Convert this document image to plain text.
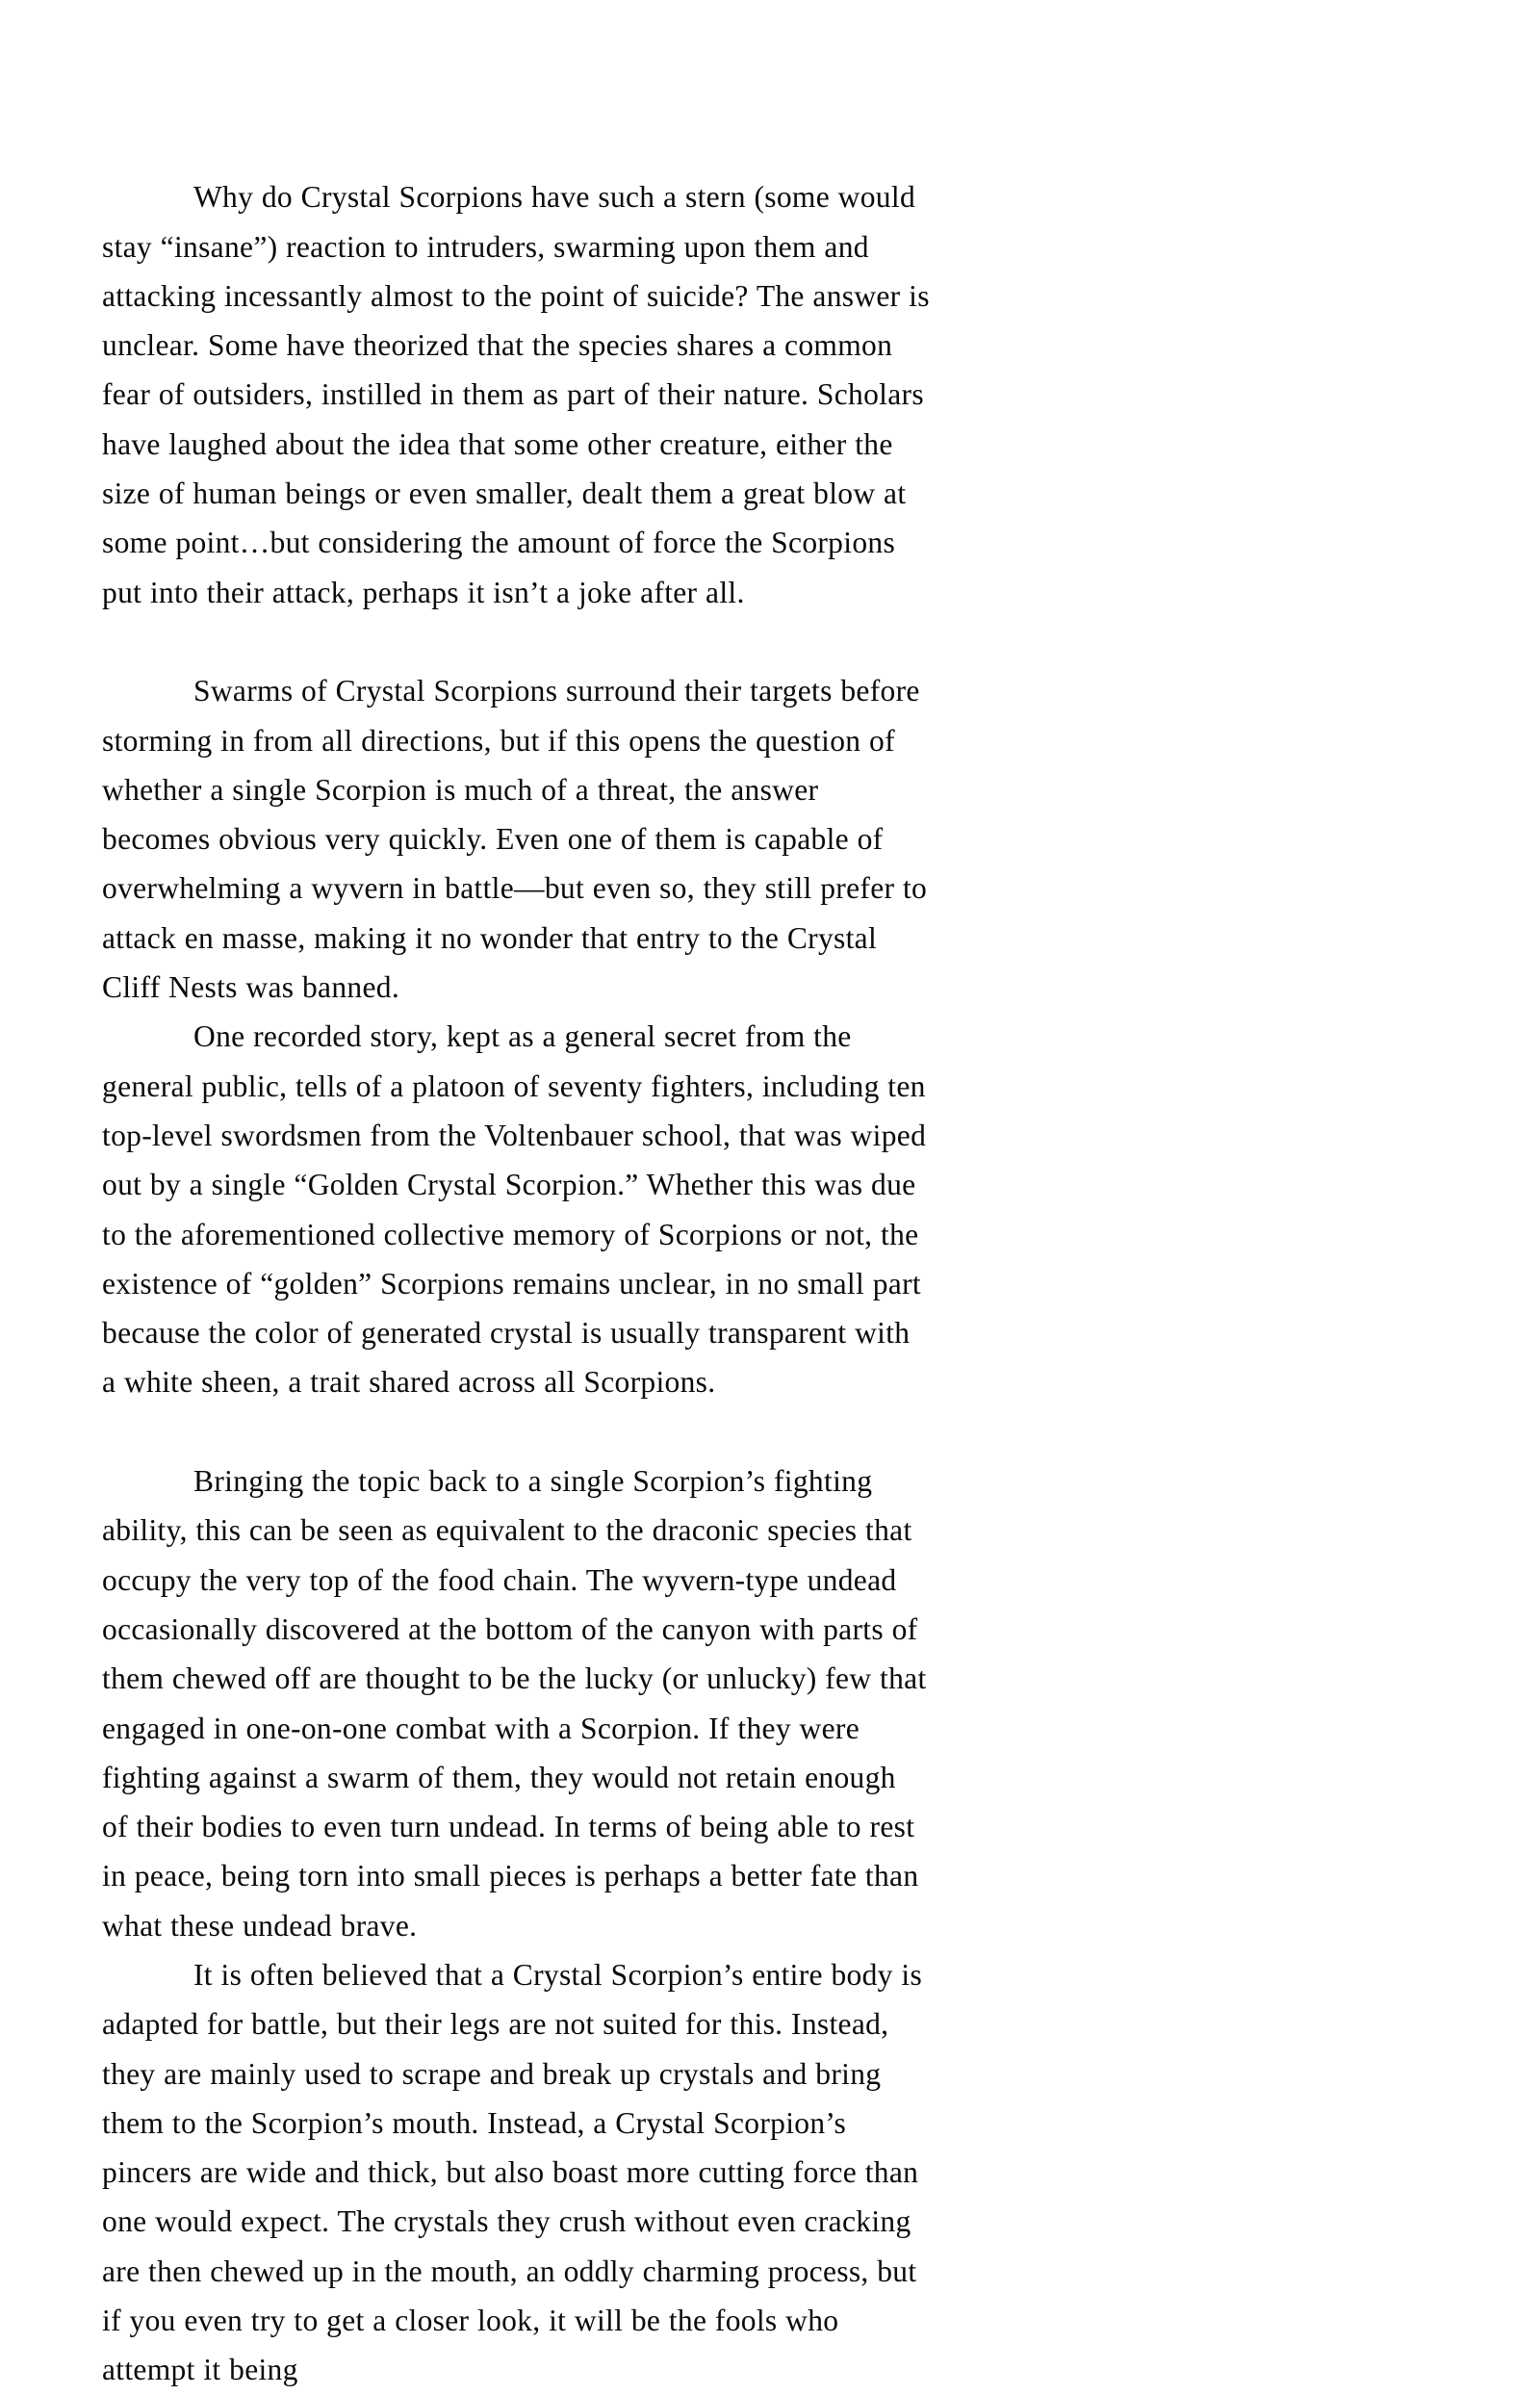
Why do Crystal Scorpions have such a stern (some would stay “insane”) reaction to intruders, swarming upon them and attacking incessantly almost to the point of suicide? The answer is unclear. Some have theorized that the species shares a common fear of outsiders, instilled in them as part of their nature. Scholars have laughed about the idea that some other creature, either the size of human beings or even smaller, dealt them a great blow at some point…but considering the amount of force the Scorpions put into their attack, perhaps it isn’t a joke after all.

Swarms of Crystal Scorpions surround their targets before storming in from all directions, but if this opens the question of whether a single Scorpion is much of a threat, the answer becomes obvious very quickly. Even one of them is capable of overwhelming a wyvern in battle—but even so, they still prefer to attack en masse, making it no wonder that entry to the Crystal Cliff Nests was banned.

One recorded story, kept as a general secret from the general public, tells of a platoon of seventy fighters, including ten top-level swordsmen from the Voltenbauer school, that was wiped out by a single “Golden Crystal Scorpion.” Whether this was due to the aforementioned collective memory of Scorpions or not, the existence of “golden” Scorpions remains unclear, in no small part because the color of generated crystal is usually transparent with a white sheen, a trait shared across all Scorpions.

Bringing the topic back to a single Scorpion’s fighting ability, this can be seen as equivalent to the draconic species that occupy the very top of the food chain. The wyvern-type undead occasionally discovered at the bottom of the canyon with parts of them chewed off are thought to be the lucky (or unlucky) few that engaged in one-on-one combat with a Scorpion. If they were fighting against a swarm of them, they would not retain enough of their bodies to even turn undead. In terms of being able to rest in peace, being torn into small pieces is perhaps a better fate than what these undead brave.

It is often believed that a Crystal Scorpion’s entire body is adapted for battle, but their legs are not suited for this. Instead, they are mainly used to scrape and break up crystals and bring them to the Scorpion’s mouth. Instead, a Crystal Scorpion’s pincers are wide and thick, but also boast more cutting force than one would expect. The crystals they crush without even cracking are then chewed up in the mouth, an oddly charming process, but if you even try to get a closer look, it will be the fools who attempt it being
